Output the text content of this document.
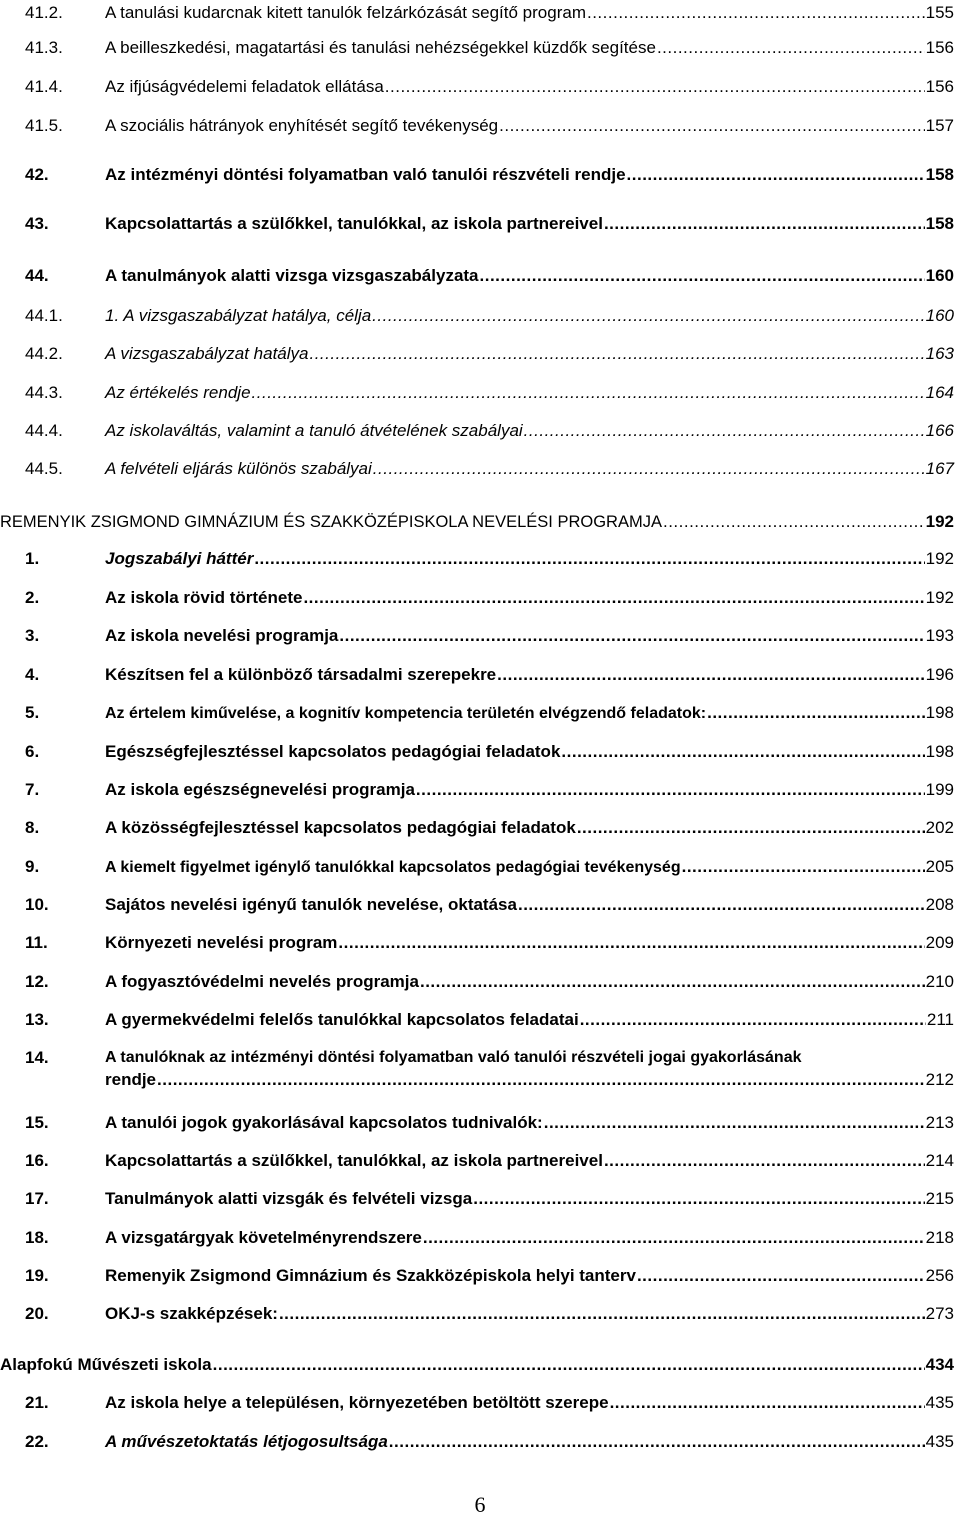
41.2. A tanulási kudarcnak kitett tanulók felzárkózását segítő program .....	155
41.3. A beilleszkedési, magatartási és tanulási nehézségekkel küzdők segítése .....	156
41.4. Az ifjúságvédelemi feladatok ellátása .....	156
41.5. A szociális hátrányok enyhítését segítő tevékenység .....	157
42.	Az intézményi döntési folyamatban való tanulói részvételi rendje .....	158
43.	Kapcsolattartás a szülőkkel, tanulókkal, az iskola partnereivel .....	158
44.	A tanulmányok alatti vizsga vizsgaszabályzata .....	160
44.1. 1. A vizsgaszabályzat hatálya, célja .....	160
44.2. A vizsgaszabályzat hatálya .....	163
44.3. Az értékelés rendje .....	164
44.4. Az iskolaváltás, valamint a tanuló átvételének szabályai .....	166
44.5. A felvételi eljárás különös szabályai .....	167
REMENYIK ZSIGMOND GIMNÁZIUM ÉS SZAKKÖZÉPISKOLA NEVELÉSI PROGRAMJA .....	192
1.	Jogszabályi háttér .....	192
2.	Az iskola rövid története .....	192
3.	Az iskola nevelési programja .....	193
4.	Készítsen fel a különböző társadalmi szerepekre .....	196
5.	Az értelem kiművelése, a kognitív kompetencia területén elvégzendő feladatok: .....	198
6.	Egészségfejlesztéssel kapcsolatos pedagógiai feladatok .....	198
7.	Az iskola egészségnevelési programja .....	199
8.	A közösségfejlesztéssel kapcsolatos pedagógiai feladatok .....	202
9.	A kiemelt figyelmet igénylő tanulókkal kapcsolatos pedagógiai tevékenység .....	205
10.	Sajátos nevelési igényű tanulók nevelése, oktatása .....	208
11.	Környezeti nevelési program .....	209
12.	A fogyasztóvédelmi nevelés programja .....	210
13.	A gyermekvédelmi felelős tanulókkal kapcsolatos feladatai .....	211
14.	A tanulóknak az intézményi döntési folyamatban való tanulói részvételi jogai gyakorlásának
rendje .....	212
15.	A tanulói jogok gyakorlásával kapcsolatos tudnivalók: .....	213
16.	Kapcsolattartás a szülőkkel, tanulókkal, az iskola partnereivel .....	214
17.	Tanulmányok alatti vizsgák és felvételi vizsga .....	215
18.	A vizsgatárgyak követelményrendszere .....	218
19.	Remenyik Zsigmond Gimnázium és Szakközépiskola helyi tanterv .....	256
20.	OKJ-s szakképzések: .....	273
Alapfokú Művészeti iskola .....	434
21.	Az iskola helye a településen, környezetében betöltött szerepe .....	435
22.	A művészetoktatás létjogosultsága .....	435
6
